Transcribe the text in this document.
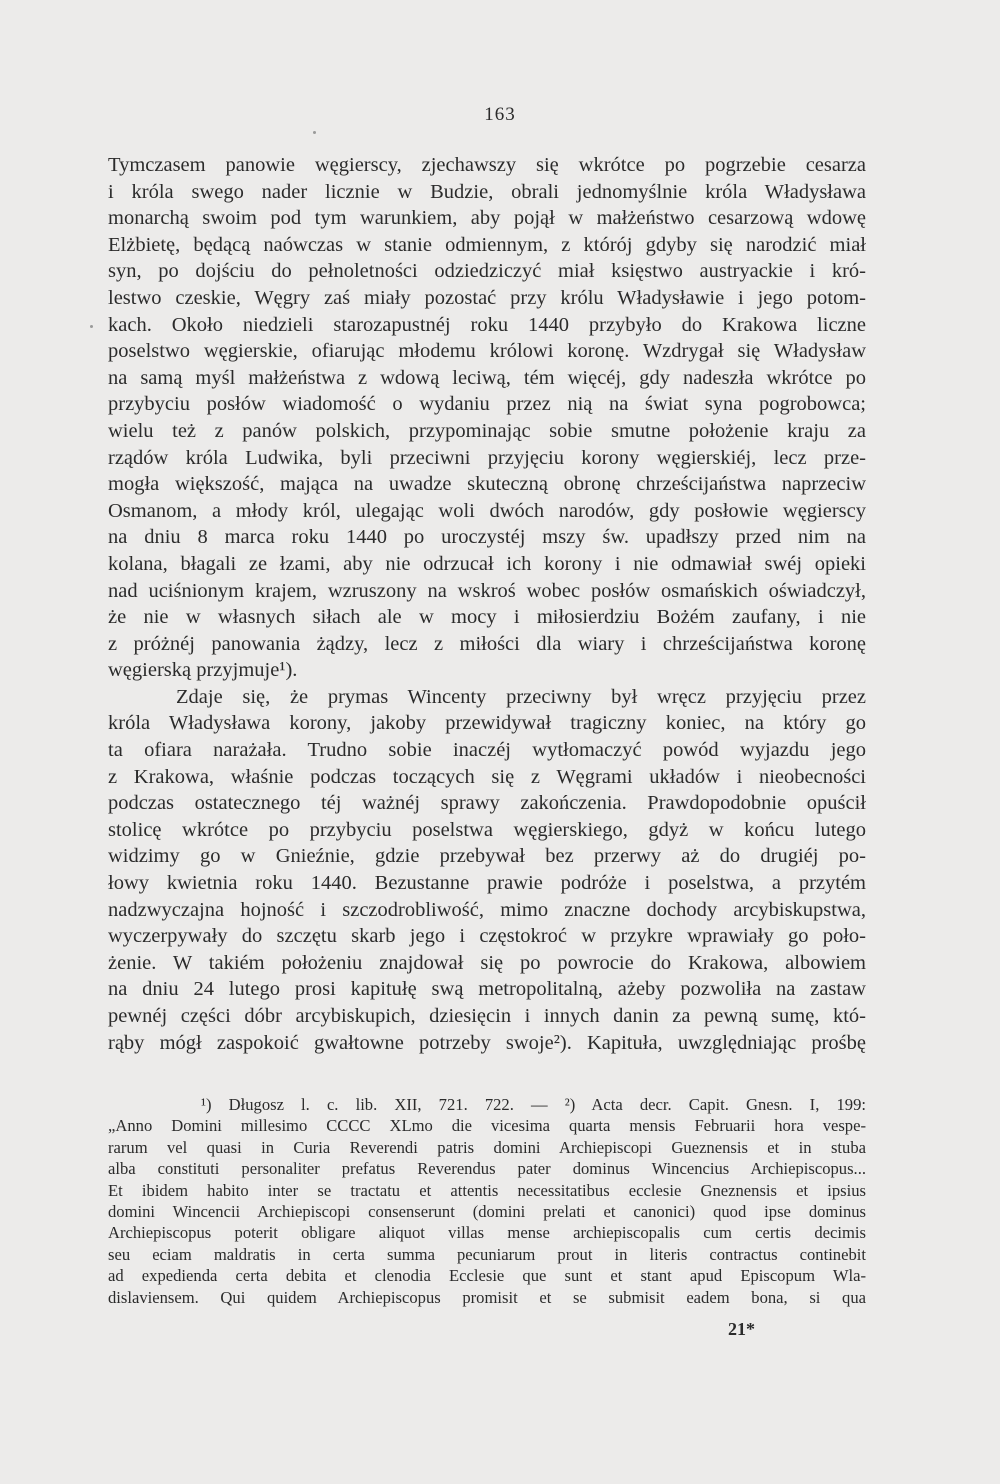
163
Tymczasem panowie węgierscy, zjechawszy się wkrótce po pogrzebie cesarza
i króla swego nader licznie w Budzie, obrali jednomyślnie króla Władysława
monarchą swoim pod tym warunkiem, aby pojął w małżeństwo cesarzową wdowę
Elżbietę, będącą naówczas w stanie odmiennym, z którój gdyby się narodzić miał
syn, po dojściu do pełnoletności odziedziczyć miał księstwo austryackie i kró-
lestwo czeskie, Węgry zaś miały pozostać przy królu Władysławie i jego potom-
kach. Około niedzieli starozapustnéj roku 1440 przybyło do Krakowa liczne
poselstwo węgierskie, ofiarując młodemu królowi koronę. Wzdrygał się Władysław
na samą myśl małżeństwa z wdową leciwą, tém więcéj, gdy nadeszła wkrótce po
przybyciu posłów wiadomość o wydaniu przez nią na świat syna pogrobowca;
wielu też z panów polskich, przypominając sobie smutne położenie kraju za
rządów króla Ludwika, byli przeciwni przyjęciu korony węgierskiéj, lecz prze-
mogła większość, mająca na uwadze skuteczną obronę chrześcijaństwa naprzeciw
Osmanom, a młody król, ulegając woli dwóch narodów, gdy posłowie węgierscy
na dniu 8 marca roku 1440 po uroczystéj mszy św. upadłszy przed nim na
kolana, błagali ze łzami, aby nie odrzucał ich korony i nie odmawiał swéj opieki
nad uciśnionym krajem, wzruszony na wskroś wobec posłów osmańskich oświadczył,
że nie w własnych siłach ale w mocy i miłosierdziu Bożém zaufany, i nie
z próżnéj panowania żądzy, lecz z miłości dla wiary i chrześcijaństwa koronę
węgierską przyjmuje¹).
Zdaje się, że prymas Wincenty przeciwny był wręcz przyjęciu przez
króla Władysława korony, jakoby przewidywał tragiczny koniec, na który go
ta ofiara narażała. Trudno sobie inaczéj wytłomaczyć powód wyjazdu jego
z Krakowa, właśnie podczas toczących się z Węgrami układów i nieobecności
podczas ostatecznego téj ważnéj sprawy zakończenia. Prawdopodobnie opuścił
stolicę wkrótce po przybyciu poselstwa węgierskiego, gdyż w końcu lutego
widzimy go w Gnieźnie, gdzie przebywał bez przerwy aż do drugiéj po-
łowy kwietnia roku 1440. Bezustanne prawie podróże i poselstwa, a przytém
nadzwyczajna hojność i szczodrobliwość, mimo znaczne dochody arcybiskupstwa,
wyczerpywały do szczętu skarb jego i częstokroć w przykre wprawiały go poło-
żenie. W takiém położeniu znajdował się po powrocie do Krakowa, albowiem
na dniu 24 lutego prosi kapitułę swą metropolitalną, ażeby pozwoliła na zastaw
pewnéj części dóbr arcybiskupich, dziesięcin i innych danin za pewną sumę, któ-
rąby mógł zaspokoić gwałtowne potrzeby swoje²). Kapituła, uwzględniając prośbę
¹) Długosz l. c. lib. XII, 721. 722. — ²) Acta decr. Capit. Gnesn. I, 199:
„Anno Domini millesimo CCCC XLmo die vicesima quarta mensis Februarii hora vespe-
rarum vel quasi in Curia Reverendi patris domini Archiepiscopi Gueznensis et in stuba
alba constituti personaliter prefatus Reverendus pater dominus Wincencius Archiepiscopus...
Et ibidem habito inter se tractatu et attentis necessitatibus ecclesie Gneznensis et ipsius
domini Wincencii Archiepiscopi consenserunt (domini prelati et canonici) quod ipse dominus
Archiepiscopus poterit obligare aliquot villas mense archiepiscopalis cum certis decimis
seu eciam maldratis in certa summa pecuniarum prout in literis contractus continebit
ad expedienda certa debita et clenodia Ecclesie que sunt et stant apud Episcopum Wla-
dislaviensem. Qui quidem Archiepiscopus promisit et se submisit eadem bona, si qua
21*
